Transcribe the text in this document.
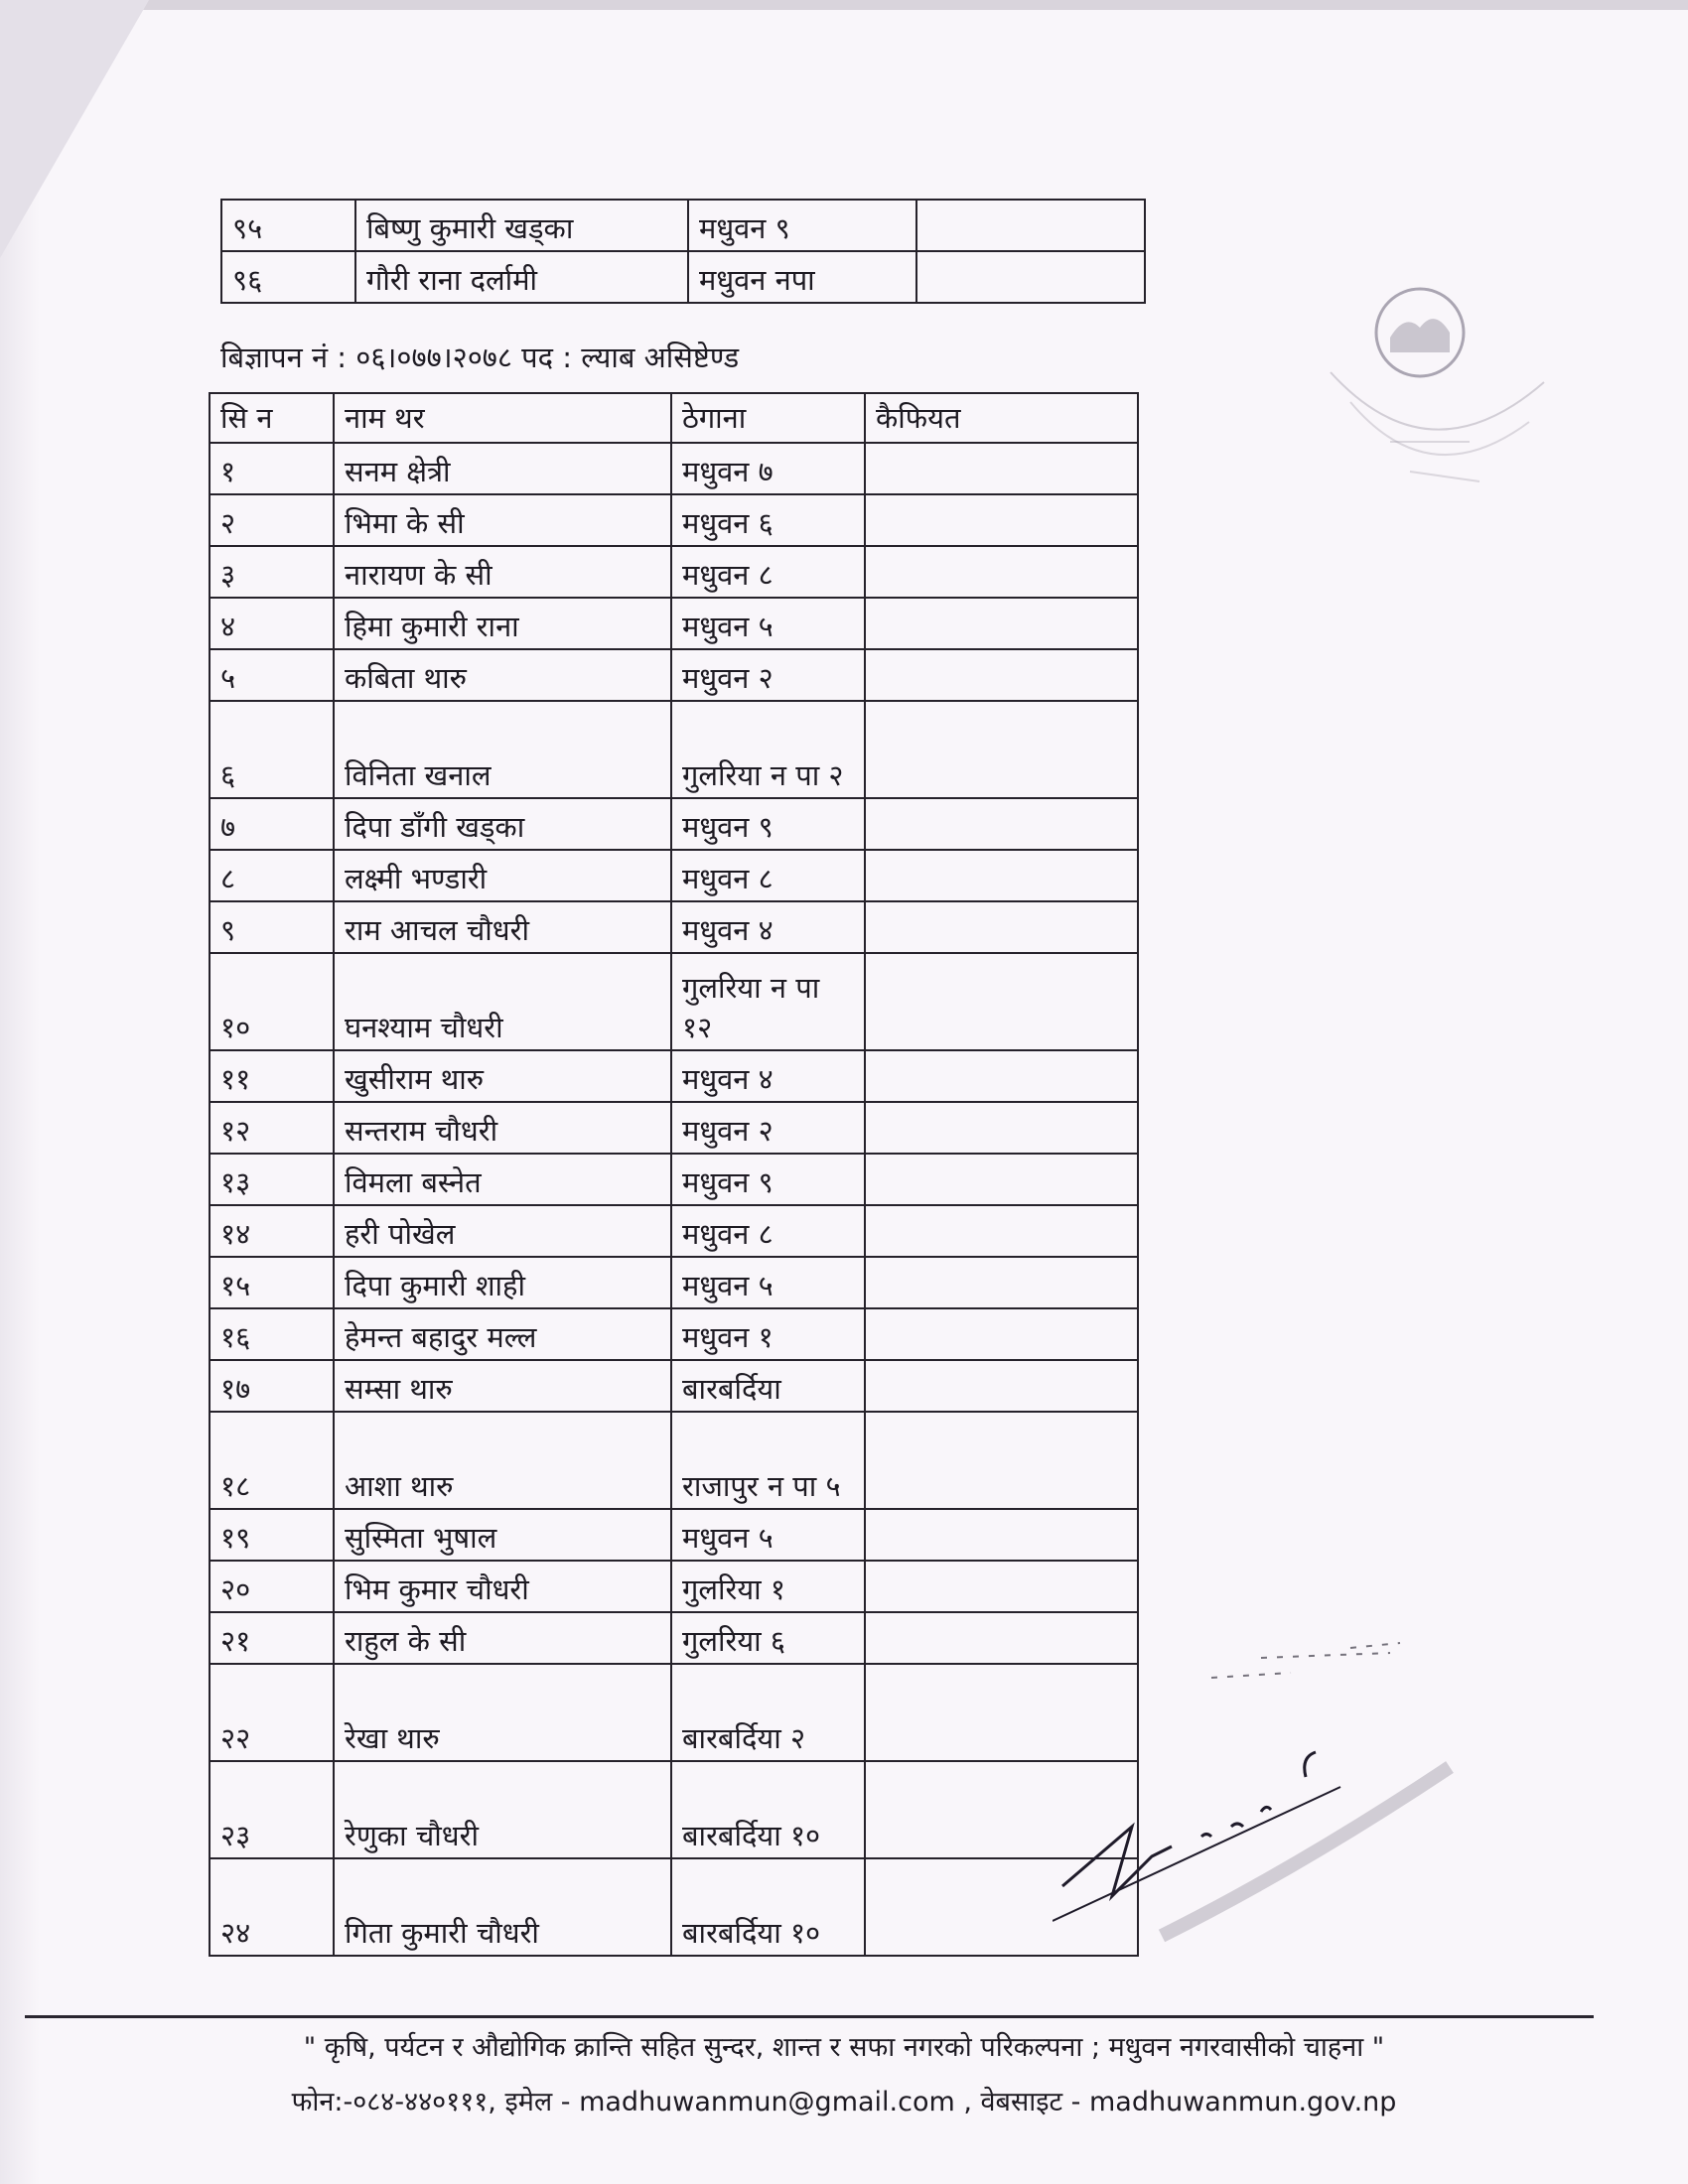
९५	बिष्णु कुमारी खड्का	मधुवन ९	
९६	गौरी राना दर्लामी	मधुवन नपा	
बिज्ञापन नं : ०६।०७७।२०७८ पद : ल्याब असिष्टेण्ड
सि न	नाम थर	ठेगाना	कैफियत
१	सनम क्षेत्री	मधुवन ७	
२	भिमा के सी	मधुवन ६	
३	नारायण के सी	मधुवन ८	
४	हिमा कुमारी राना	मधुवन ५	
५	कबिता थारु	मधुवन २	
६	विनिता खनाल	गुलरिया न पा २	
७	दिपा डाँगी खड्का	मधुवन ९	
८	लक्ष्मी भण्डारी	मधुवन ८	
९	राम आचल चौधरी	मधुवन ४	
१०	घनश्याम चौधरी	गुलरिया न पा १२	
११	खुसीराम थारु	मधुवन ४	
१२	सन्तराम चौधरी	मधुवन २	
१३	विमला बस्नेत	मधुवन ९	
१४	हरी पोखेल	मधुवन ८	
१५	दिपा कुमारी शाही	मधुवन ५	
१६	हेमन्त बहादुर मल्ल	मधुवन १	
१७	सम्सा थारु	बारबर्दिया	
१८	आशा थारु	राजापुर न पा ५	
१९	सुस्मिता भुषाल	मधुवन ५	
२०	भिम कुमार चौधरी	गुलरिया १	
२१	राहुल के सी	गुलरिया ६	
२२	रेखा थारु	बारबर्दिया २	
२३	रेणुका चौधरी	बारबर्दिया १०	
२४	गिता कुमारी चौधरी	बारबर्दिया १०	
" कृषि, पर्यटन र औद्योगिक क्रान्ति सहित सुन्दर, शान्त र सफा नगरको परिकल्पना ; मधुवन नगरवासीको चाहना "
फोन:-०८४-४४०१११, इमेल - madhuwanmun@gmail.com , वेबसाइट - madhuwanmun.gov.np
